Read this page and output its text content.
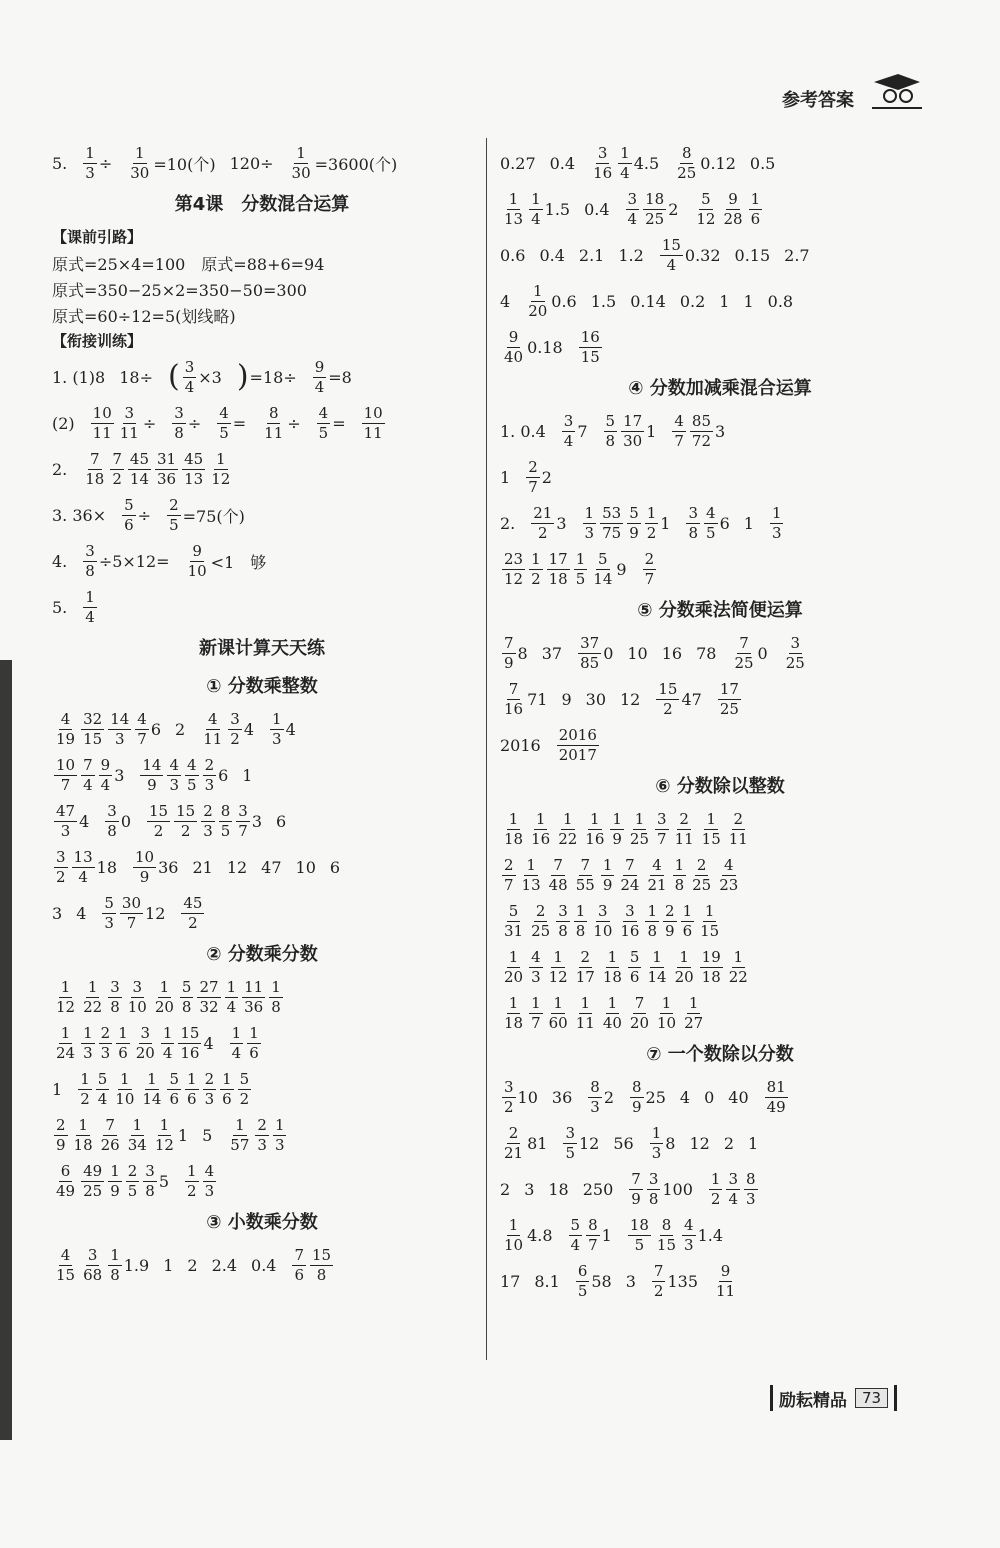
参考答案
5. $\frac{1}{3} \div \frac{1}{30} =10$(个) $120\div \frac{1}{30} =3600$(个)
第4课　分数混合运算
【课前引路】
原式=25×4=100　原式=88+6=94
原式=350−25×2=350−50=300
原式=60÷12=5(划线略)
【衔接训练】
1. (1)8 18÷ ( $\frac{3}{4} \times 3$ ) $=18\div \frac{9}{4} =8$
$(2) \frac{10}{11} \frac{3}{11} \div \frac{3}{8} \div \frac{4}{5} = \frac{8}{11} \div \frac{4}{5} = \frac{10}{11}$
2. $\frac{7}{18} \frac{7}{2} \frac{45}{14} \frac{31}{36} \frac{45}{13} \frac{1}{12}$
3. $36\times \frac{5}{6} \div \frac{2}{5} =75$(个)
4. $\frac{3}{8} \div 5\times 12= \frac{9}{10} <1$　够
5. $\frac{1}{4}$
新课计算天天练
① 分数乘整数
$\frac{4}{19} \frac{32}{15} \frac{14}{3} \frac{4}{7} 6$ $2 \frac{4}{11} \frac{3}{2} 4 \frac{1}{3} 4$
$\frac{10}{7} \frac{7}{4} \frac{9}{4} 3 \frac{14}{9} \frac{4}{3} \frac{4}{5} \frac{2}{3} 6$ 1
$\frac{47}{3} 4 \frac{3}{8} 0 \frac{15}{2} \frac{15}{2} \frac{2}{3} \frac{8}{5} \frac{3}{7} 3$ 6
$\frac{3}{2} \frac{13}{4} 18 \frac{10}{9} 36$ 21 12 47 10 6
3 $4 \frac{5}{3} \frac{30}{7} 12 \frac{45}{2}$
② 分数乘分数
$\frac{1}{12} \frac{1}{22} \frac{3}{8} \frac{3}{10} \frac{1}{20} \frac{5}{8} \frac{27}{32} \frac{1}{4} \frac{11}{36} \frac{1}{8}$
$\frac{1}{24} \frac{1}{3} \frac{2}{3} \frac{1}{6} \frac{3}{20} \frac{1}{4} \frac{15}{16} 4 \frac{1}{4} \frac{1}{6}$
$1 \frac{1}{2} \frac{5}{4} \frac{1}{10} \frac{1}{14} \frac{5}{6} \frac{1}{6} \frac{2}{3} \frac{1}{6} \frac{5}{2}$
$\frac{2}{9} \frac{1}{18} \frac{7}{26} \frac{1}{34} \frac{1}{12} 1$ $5 \frac{1}{57} \frac{2}{3} \frac{1}{3}$
$\frac{6}{49} \frac{49}{25} \frac{1}{9} \frac{2}{5} \frac{3}{8} 5 \frac{1}{2} \frac{4}{3}$
③ 小数乘分数
$\frac{4}{15} \frac{3}{68} \frac{1}{8} 1.9$ 1 2 2.4 $0.4 \frac{7}{6} \frac{15}{8}$
0.27 $0.4 \frac{3}{16} \frac{1}{4} 4.5 \frac{8}{25} 0.12$ 0.5
$\frac{1}{13} \frac{1}{4} 1.5$ $0.4 \frac{3}{4} \frac{18}{25} 2 \frac{5}{12} \frac{9}{28} \frac{1}{6}$
0.6 0.4 2.1 $1.2 \frac{15}{4} 0.32$ 0.15 2.7
$4 \frac{1}{20} 0.6$ 1.5 0.14 0.2 1 1 0.8
$\frac{9}{40} 0.18 \frac{16}{15}$
④ 分数加减乘混合运算
1. $0.4 \frac{3}{4} 7 \frac{5}{8} \frac{17}{30} 1 \frac{4}{7} \frac{85}{72} 3$
$1 \frac{2}{7} 2$
2. $\frac{21}{2} 3 \frac{1}{3} \frac{53}{75} \frac{5}{9} \frac{1}{2} 1 \frac{3}{8} \frac{4}{5} 6$ $1 \frac{1}{3}$
$\frac{23}{12} \frac{1}{2} \frac{17}{18} \frac{1}{5} \frac{5}{14} 9 \frac{2}{7}$
⑤ 分数乘法简便运算
$\frac{7}{9} 8$ $37 \frac{37}{85} 0$ 10 16 $78 \frac{7}{25} 0 \frac{3}{25}$
$\frac{7}{16} 71$ 9 30 $12 \frac{15}{2} 47 \frac{17}{25}$
$2016 \frac{2016}{2017}$
⑥ 分数除以整数
$\frac{1}{18} \frac{1}{16} \frac{1}{22} \frac{1}{16} \frac{1}{9} \frac{1}{25} \frac{3}{7} \frac{2}{11} \frac{1}{15} \frac{2}{11}$
$\frac{2}{7} \frac{1}{13} \frac{7}{48} \frac{7}{55} \frac{1}{9} \frac{7}{24} \frac{4}{21} \frac{1}{8} \frac{2}{25} \frac{4}{23}$
$\frac{5}{31} \frac{2}{25} \frac{3}{8} \frac{1}{8} \frac{3}{10} \frac{3}{16} \frac{1}{8} \frac{2}{9} \frac{1}{6} \frac{1}{15}$
$\frac{1}{20} \frac{4}{3} \frac{1}{12} \frac{2}{17} \frac{1}{18} \frac{5}{6} \frac{1}{14} \frac{1}{20} \frac{19}{18} \frac{1}{22}$
$\frac{1}{18} \frac{1}{7} \frac{1}{60} \frac{1}{11} \frac{1}{40} \frac{7}{20} \frac{1}{10} \frac{1}{27}$
⑦ 一个数除以分数
$\frac{3}{2} 10$ $36 \frac{8}{3} 2 \frac{8}{9} 25$ 4 0 $40 \frac{81}{49}$
$\frac{2}{21} 81 \frac{3}{5} 12$ $56 \frac{1}{3} 8$ 12 2 1
2 3 18 $250 \frac{7}{9} \frac{3}{8} 100 \frac{1}{2} \frac{3}{4} \frac{8}{3}$
$\frac{1}{10} 4.8 \frac{5}{4} \frac{8}{7} 1 \frac{18}{5} \frac{8}{15} \frac{4}{3} 1.4$
17 $8.1 \frac{6}{5} 58$ $3 \frac{7}{2} 135 \frac{9}{11}$
励耘精品	73
